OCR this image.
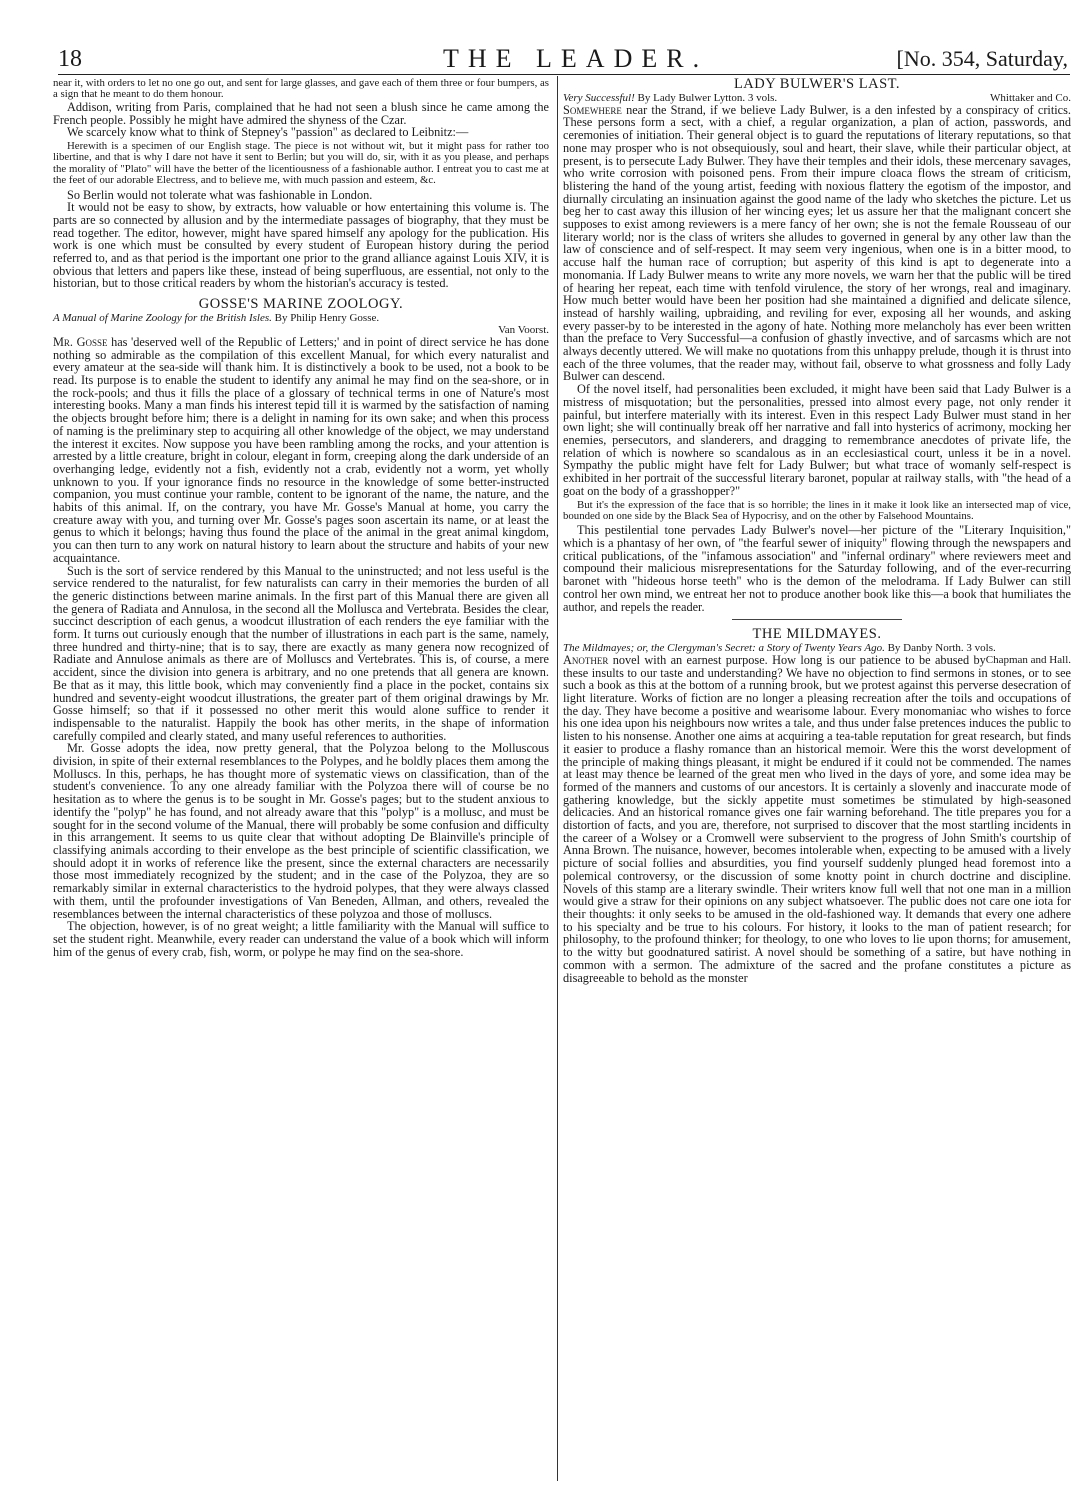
18	THE LEADER.	[No. 354, Saturday,

near it, with orders to let no one go out, and sent for large glasses, and gave each of them three or four bumpers, as a sign that he meant to do them honour.

Addison, writing from Paris, complained that he had not seen a blush since he came among the French people. Possibly he might have admired the shyness of the Czar.

We scarcely know what to think of Stepney's "passion" as declared to Leibnitz:—

Herewith is a specimen of our English stage. The piece is not without wit, but it might pass for rather too libertine, and that is why I dare not have it sent to Berlin; but you will do, sir, with it as you please, and perhaps the morality of "Plato" will have the better of the licentiousness of a fashionable author. I entreat you to cast me at the feet of our adorable Electress, and to believe me, with much passion and esteem, &c.

So Berlin would not tolerate what was fashionable in London.

It would not be easy to show, by extracts, how valuable or how entertaining this volume is. The parts are so connected by allusion and by the intermediate passages of biography, that they must be read together. The editor, however, might have spared himself any apology for the publication. His work is one which must be consulted by every student of European history during the period referred to, and as that period is the important one prior to the grand alliance against Louis XIV, it is obvious that letters and papers like these, instead of being superfluous, are essential, not only to the historian, but to those critical readers by whom the historian's accuracy is tested.

GOSSE'S MARINE ZOOLOGY.
A Manual of Marine Zoology for the British Isles. By Philip Henry Gosse.
Van Voorst.

Mr. Gosse has 'deserved well of the Republic of Letters;' and in point of direct service he has done nothing so admirable as the compilation of this excellent Manual, for which every naturalist and every amateur at the sea-side will thank him. It is distinctively a book to be used, not a book to be read. Its purpose is to enable the student to identify any animal he may find on the sea-shore, or in the rock-pools; and thus it fills the place of a glossary of technical terms in one of Nature's most interesting books. Many a man finds his interest tepid till it is warmed by the satisfaction of naming the objects brought before him; there is a delight in naming for its own sake; and when this process of naming is the preliminary step to acquiring all other knowledge of the object, we may understand the interest it excites. Now suppose you have been rambling among the rocks, and your attention is arrested by a little creature, bright in colour, elegant in form, creeping along the dark underside of an overhanging ledge, evidently not a fish, evidently not a crab, evidently not a worm, yet wholly unknown to you. If your ignorance finds no resource in the knowledge of some better-instructed companion, you must continue your ramble, content to be ignorant of the name, the nature, and the habits of this animal. If, on the contrary, you have Mr. Gosse's Manual at home, you carry the creature away with you, and turning over Mr. Gosse's pages soon ascertain its name, or at least the genus to which it belongs; having thus found the place of the animal in the great animal kingdom, you can then turn to any work on natural history to learn about the structure and habits of your new acquaintance.

Such is the sort of service rendered by this Manual to the uninstructed; and not less useful is the service rendered to the naturalist, for few naturalists can carry in their memories the burden of all the generic distinctions between marine animals. In the first part of this Manual there are given all the genera of Radiata and Annulosa, in the second all the Mollusca and Vertebrata. Besides the clear, succinct description of each genus, a woodcut illustration of each renders the eye familiar with the form. It turns out curiously enough that the number of illustrations in each part is the same, namely, three hundred and thirty-nine; that is to say, there are exactly as many genera now recognized of Radiate and Annulose animals as there are of Molluscs and Vertebrates. This is, of course, a mere accident, since the division into genera is arbitrary, and no one pretends that all genera are known. Be that as it may, this little book, which may conveniently find a place in the pocket, contains six hundred and seventy-eight woodcut illustrations, the greater part of them original drawings by Mr. Gosse himself; so that if it possessed no other merit this would alone suffice to render it indispensable to the naturalist. Happily the book has other merits, in the shape of information carefully compiled and clearly stated, and many useful references to authorities.

Mr. Gosse adopts the idea, now pretty general, that the Polyzoa belong to the Molluscous division, in spite of their external resemblances to the Polypes, and he boldly places them among the Molluscs. In this, perhaps, he has thought more of systematic views on classification, than of the student's convenience. To any one already familiar with the Polyzoa there will of course be no hesitation as to where the genus is to be sought in Mr. Gosse's pages; but to the student anxious to identify the "polyp" he has found, and not already aware that this "polyp" is a mollusc, and must be sought for in the second volume of the Manual, there will probably be some confusion and difficulty in this arrangement. It seems to us quite clear that without adopting De Blainville's principle of classifying animals according to their envelope as the best principle of scientific classification, we should adopt it in works of reference like the present, since the external characters are necessarily those most immediately recognized by the student; and in the case of the Polyzoa, they are so remarkably similar in external characteristics to the hydroid polypes, that they were always classed with them, until the profounder investigations of Van Beneden, Allman, and others, revealed the resemblances between the internal characteristics of these polyzoa and those of molluscs.

The objection, however, is of no great weight; a little familiarity with the Manual will suffice to set the student right. Meanwhile, every reader can understand the value of a book which will inform him of the genus of every crab, fish, worm, or polype he may find on the sea-shore.

LADY BULWER'S LAST.
Very Successful! By Lady Bulwer Lytton. 3 vols.	Whittaker and Co.

Somewhere near the Strand, if we believe Lady Bulwer, is a den infested by a conspiracy of critics. These persons form a sect, with a chief, a regular organization, a plan of action, passwords, and ceremonies of initiation. Their general object is to guard the reputations of literary reputations, so that none may prosper who is not obsequiously, soul and heart, their slave, while their particular object, at present, is to persecute Lady Bulwer. They have their temples and their idols, these mercenary savages, who write corrosion with poisoned pens. From their impure cloaca flows the stream of criticism, blistering the hand of the young artist, feeding with noxious flattery the egotism of the impostor, and diurnally circulating an insinuation against the good name of the lady who sketches the picture. Let us beg her to cast away this illusion of her wincing eyes; let us assure her that the malignant concert she supposes to exist among reviewers is a mere fancy of her own; she is not the female Rousseau of our literary world; nor is the class of writers she alludes to governed in general by any other law than the law of conscience and of self-respect. It may seem very ingenious, when one is in a bitter mood, to accuse half the human race of corruption; but asperity of this kind is apt to degenerate into a monomania. If Lady Bulwer means to write any more novels, we warn her that the public will be tired of hearing her repeat, each time with tenfold virulence, the story of her wrongs, real and imaginary. How much better would have been her position had she maintained a dignified and delicate silence, instead of harshly wailing, upbraiding, and reviling for ever, exposing all her wounds, and asking every passer-by to be interested in the agony of hate. Nothing more melancholy has ever been written than the preface to Very Successful—a confusion of ghastly invective, and of sarcasms which are not always decently uttered. We will make no quotations from this unhappy prelude, though it is thrust into each of the three volumes, that the reader may, without fail, observe to what grossness and folly Lady Bulwer can descend.

Of the novel itself, had personalities been excluded, it might have been said that Lady Bulwer is a mistress of misquotation; but the personalities, pressed into almost every page, not only render it painful, but interfere materially with its interest. Even in this respect Lady Bulwer must stand in her own light; she will continually break off her narrative and fall into hysterics of acrimony, mocking her enemies, persecutors, and slanderers, and dragging to remembrance anecdotes of private life, the relation of which is nowhere so scandalous as in an ecclesiastical court, unless it be in a novel. Sympathy the public might have felt for Lady Bulwer; but what trace of womanly self-respect is exhibited in her portrait of the successful literary baronet, popular at railway stalls, with "the head of a goat on the body of a grasshopper?"

But it's the expression of the face that is so horrible; the lines in it make it look like an intersected map of vice, bounded on one side by the Black Sea of Hypocrisy, and on the other by Falsehood Mountains.

This pestilential tone pervades Lady Bulwer's novel—her picture of the "Literary Inquisition," which is a phantasy of her own, of "the fearful sewer of iniquity" flowing through the newspapers and critical publications, of the "infamous association" and "infernal ordinary" where reviewers meet and compound their malicious misrepresentations for the Saturday following, and of the ever-recurring baronet with "hideous horse teeth" who is the demon of the melodrama. If Lady Bulwer can still control her own mind, we entreat her not to produce another book like this—a book that humiliates the author, and repels the reader.

THE MILDMAYES.
The Mildmayes; or, the Clergyman's Secret: a Story of Twenty Years Ago. By Danby North. 3 vols.
Chapman and Hall.

Another novel with an earnest purpose. How long is our patience to be abused by these insults to our taste and understanding? We have no objection to find sermons in stones, or to see such a book as this at the bottom of a running brook, but we protest against this perverse desecration of light literature. Works of fiction are no longer a pleasing recreation after the toils and occupations of the day. They have become a positive and wearisome labour. Every monomaniac who wishes to force his one idea upon his neighbours now writes a tale, and thus under false pretences induces the public to listen to his nonsense. Another one aims at acquiring a tea-table reputation for great research, but finds it easier to produce a flashy romance than an historical memoir. Were this the worst development of the principle of making things pleasant, it might be endured if it could not be commended. The names at least may thence be learned of the great men who lived in the days of yore, and some idea may be formed of the manners and customs of our ancestors. It is certainly a slovenly and inaccurate mode of gathering knowledge, but the sickly appetite must sometimes be stimulated by high-seasoned delicacies. And an historical romance gives one fair warning beforehand. The title prepares you for a distortion of facts, and you are, therefore, not surprised to discover that the most startling incidents in the career of a Wolsey or a Cromwell were subservient to the progress of John Smith's courtship of Anna Brown. The nuisance, however, becomes intolerable when, expecting to be amused with a lively picture of social follies and absurdities, you find yourself suddenly plunged head foremost into a polemical controversy, or the discussion of some knotty point in church doctrine and discipline. Novels of this stamp are a literary swindle. Their writers know full well that not one man in a million would give a straw for their opinions on any subject whatsoever. The public does not care one iota for their thoughts: it only seeks to be amused in the old-fashioned way. It demands that every one adhere to his specialty and be true to his colours. For history, it looks to the man of patient research; for philosophy, to the profound thinker; for theology, to one who loves to lie upon thorns; for amusement, to the witty but goodnatured satirist. A novel should be something of a satire, but have nothing in common with a sermon. The admixture of the sacred and the profane constitutes a picture as disagreeable to behold as the monster
